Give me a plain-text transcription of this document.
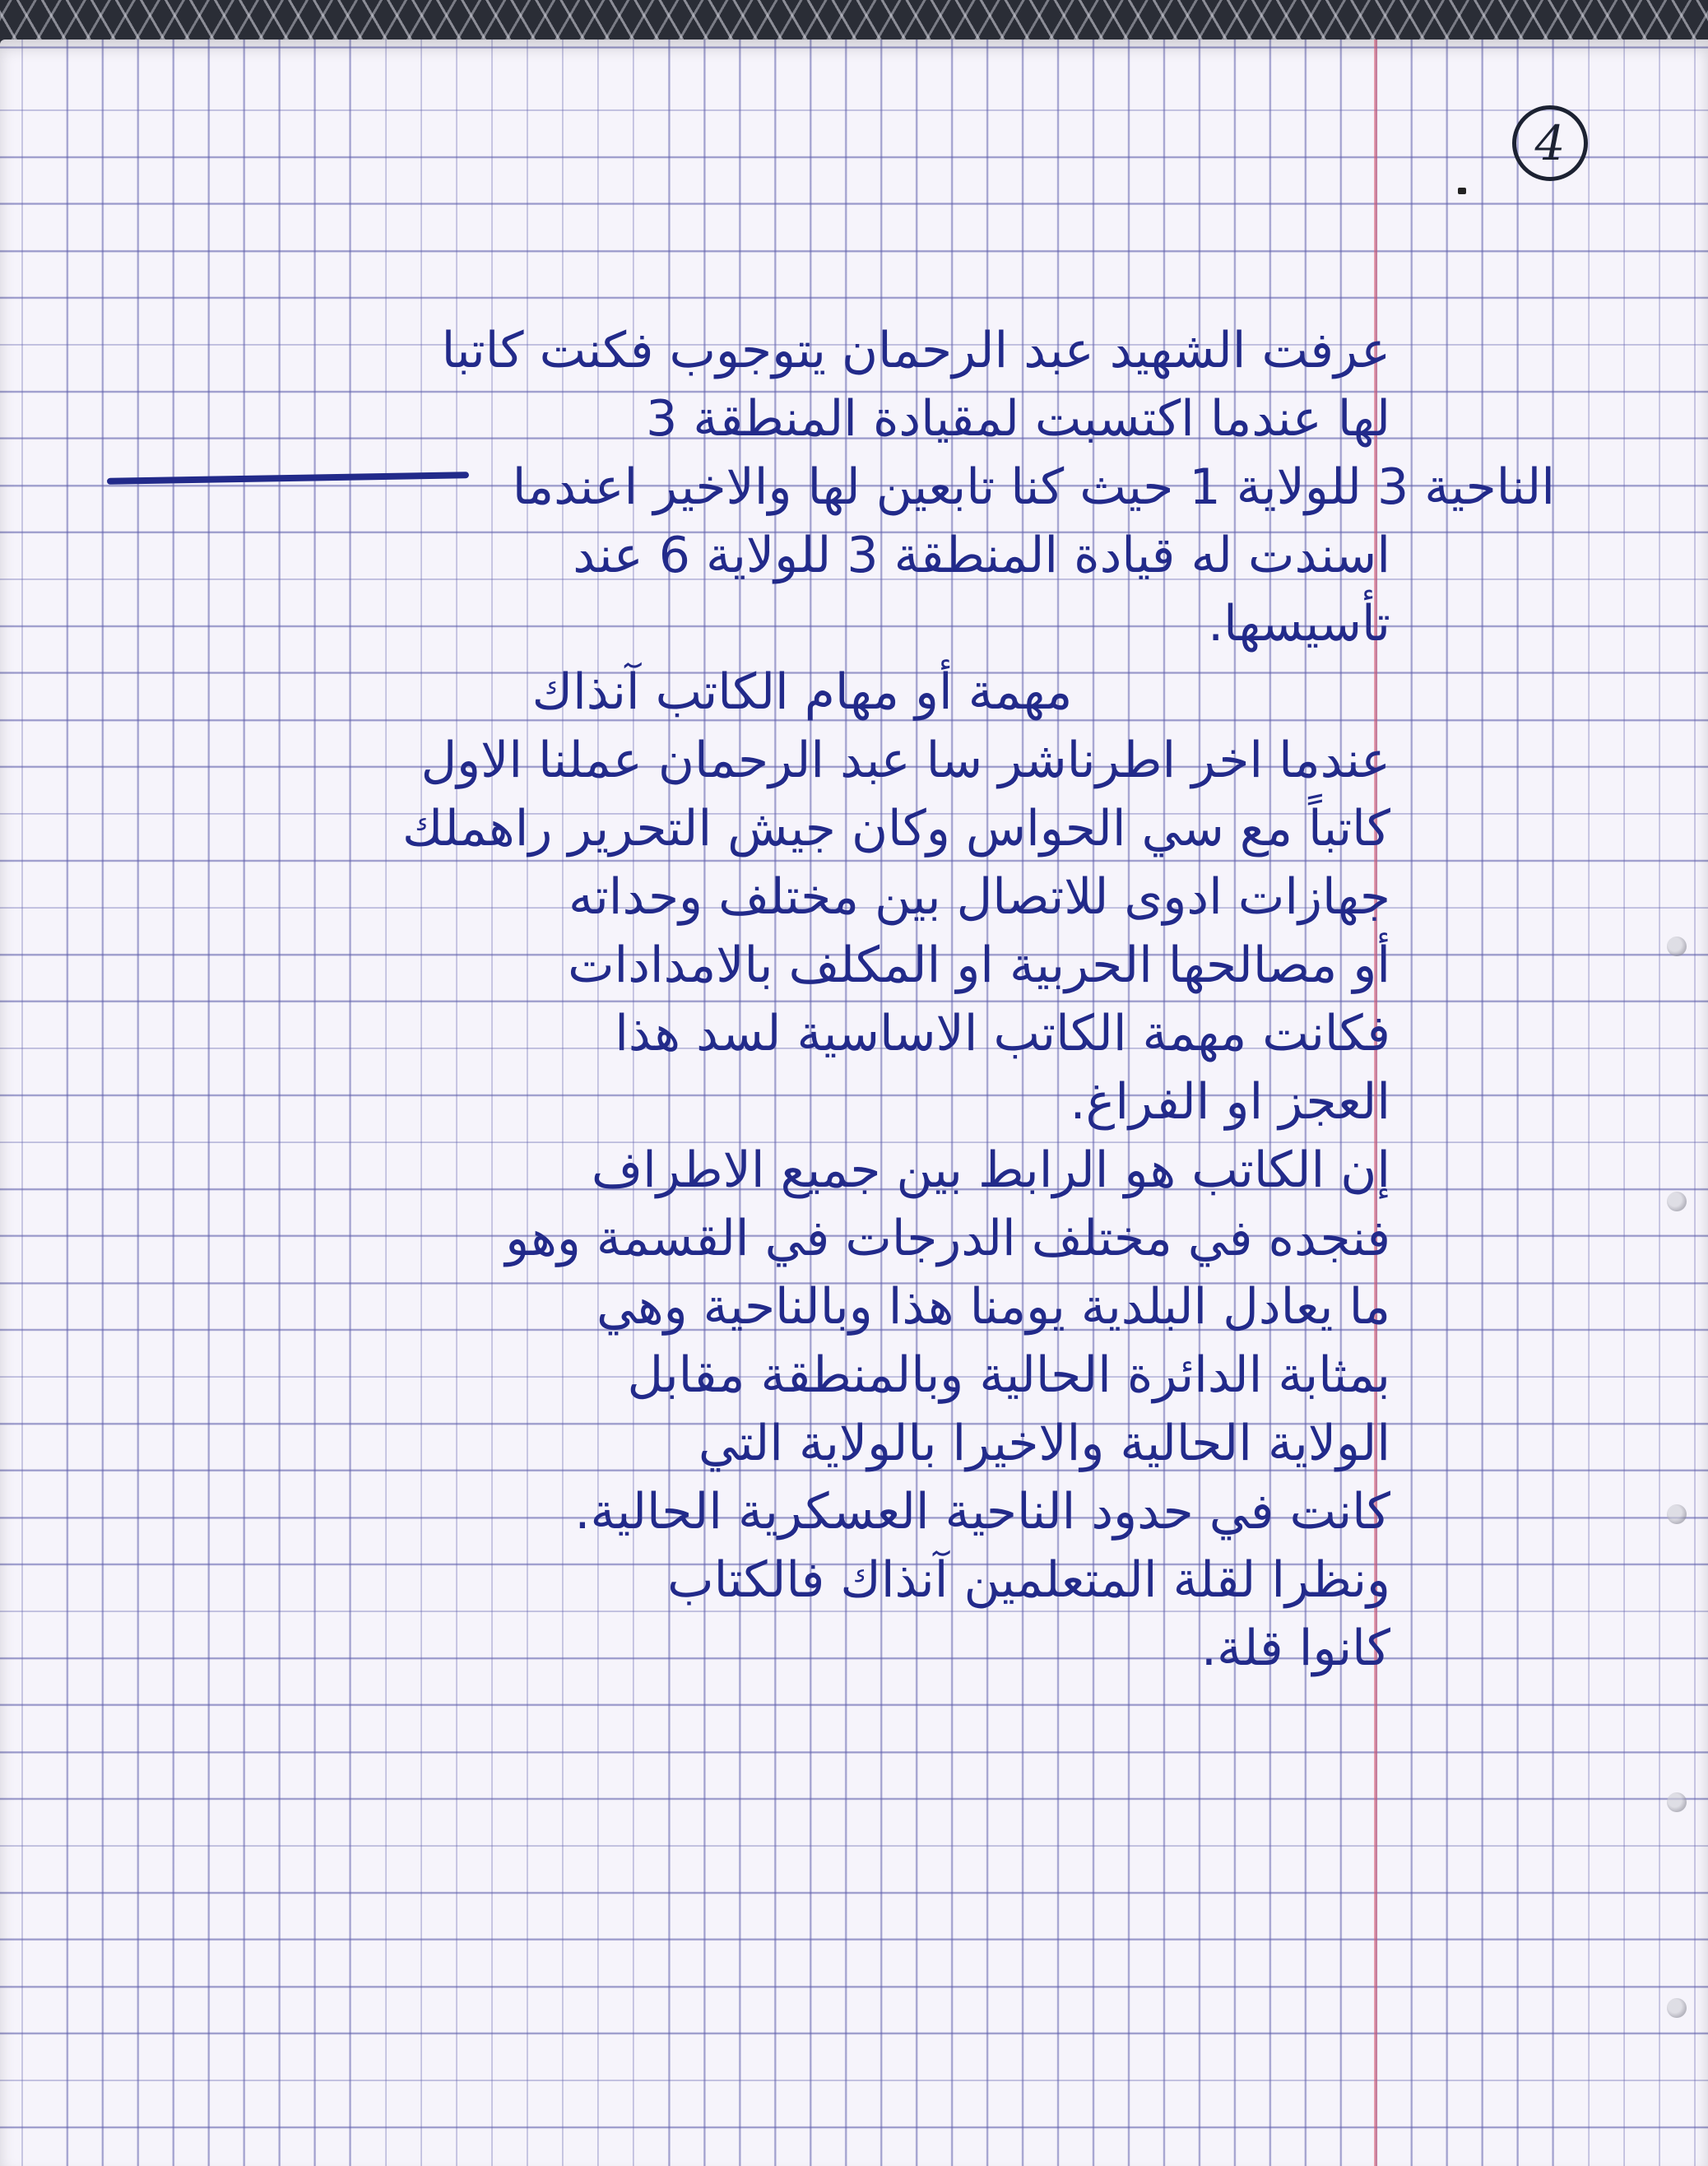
4
عرفت الشهيد عبد الرحمان يتوجوب فكنت كاتبا
لها عندما اكتسبت لمقيادة المنطقة 3
الناحية 3 للولاية 1 حيث كنا تابعين لها والاخير اعندما
اسندت له قيادة المنطقة 3 للولاية 6 عند
تأسيسها.
مهمة أو مهام الكاتب آنذاك
عندما اخر اطرناشر سا عبد الرحمان عملنا الاول
كاتباً مع سي الحواس وكان جيش التحرير راهملك
جهازات ادوى للاتصال بين مختلف وحداته
أو مصالحها الحربية او المكلف بالامدادات
فكانت مهمة الكاتب الاساسية لسد هذا
العجز او الفراغ.
إن الكاتب هو الرابط بين جميع الاطراف
فنجده في مختلف الدرجات في القسمة وهو
ما يعادل البلدية يومنا هذا وبالناحية وهي
بمثابة الدائرة الحالية وبالمنطقة مقابل
الولاية الحالية والاخيرا بالولاية التي
كانت في حدود الناحية العسكرية الحالية.
ونظرا لقلة المتعلمين آنذاك فالكتاب
كانوا قلة.
